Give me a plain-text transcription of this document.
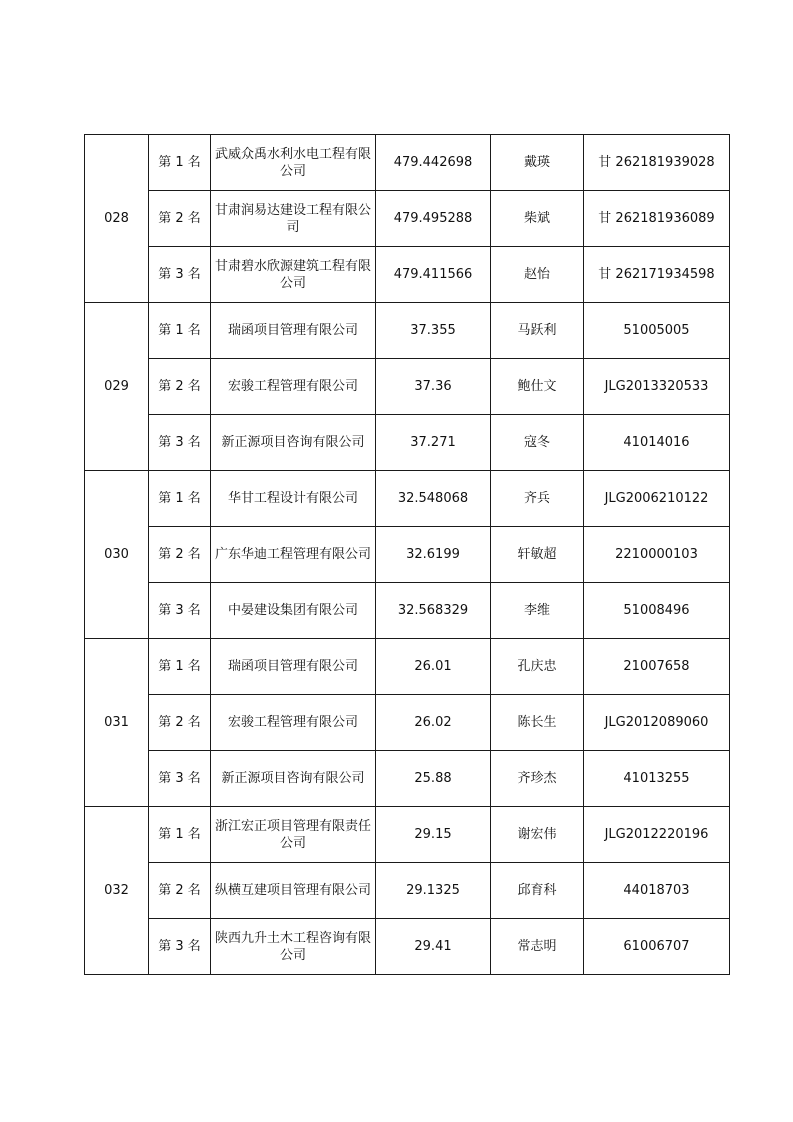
028	第 1 名	武威众禹水利水电工程有限公司	479.442698	戴瑛	甘 262181939028
	第 2 名	甘肃润易达建设工程有限公司	479.495288	柴斌	甘 262181936089
	第 3 名	甘肃碧水欣源建筑工程有限公司	479.411566	赵怡	甘 262171934598
029	第 1 名	瑞函项目管理有限公司	37.355	马跃利	51005005
	第 2 名	宏骏工程管理有限公司	37.36	鲍仕文	JLG2013320533
	第 3 名	新正源项目咨询有限公司	37.271	寇冬	41014016
030	第 1 名	华甘工程设计有限公司	32.548068	齐兵	JLG2006210122
	第 2 名	广东华迪工程管理有限公司	32.6199	轩敏超	2210000103
	第 3 名	中晏建设集团有限公司	32.568329	李维	51008496
031	第 1 名	瑞函项目管理有限公司	26.01	孔庆忠	21007658
	第 2 名	宏骏工程管理有限公司	26.02	陈长生	JLG2012089060
	第 3 名	新正源项目咨询有限公司	25.88	齐珍杰	41013255
032	第 1 名	浙江宏正项目管理有限责任公司	29.15	谢宏伟	JLG2012220196
	第 2 名	纵横互建项目管理有限公司	29.1325	邱育科	44018703
	第 3 名	陕西九升土木工程咨询有限公司	29.41	常志明	61006707
